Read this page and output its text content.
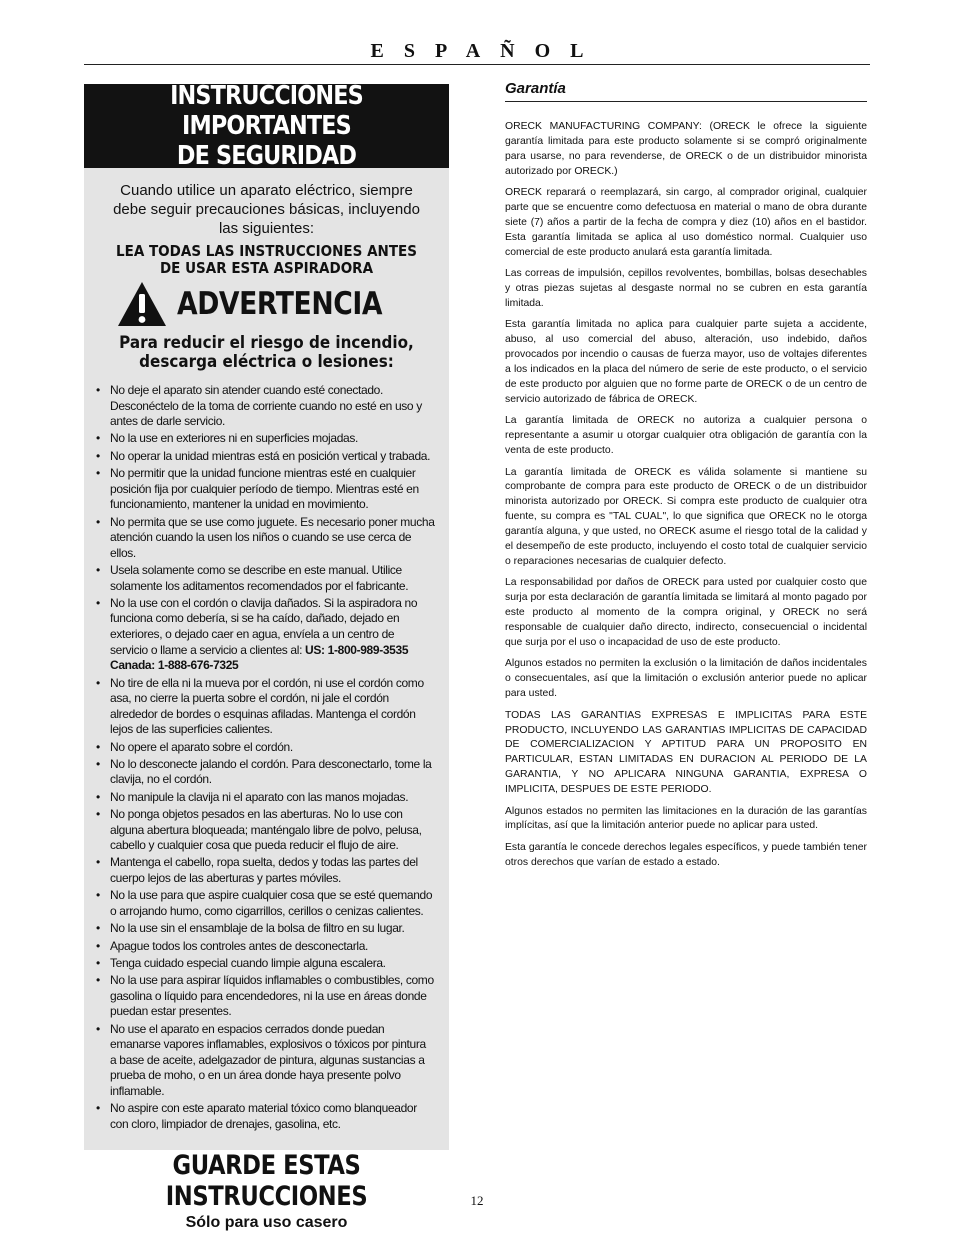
ESPAÑOL
INSTRUCCIONES IMPORTANTES
DE SEGURIDAD
Cuando utilice un aparato eléctrico, siempre debe seguir precauciones básicas, incluyendo las siguientes:
LEA TODAS LAS INSTRUCCIONES ANTES
DE USAR ESTA ASPIRADORA
ADVERTENCIA
Para reducir el riesgo de incendio,
descarga eléctrica o lesiones:
• No deje el aparato sin atender cuando esté conectado. Desconéctelo de la toma de corriente cuando no esté en uso y antes de darle servicio.
• No la use en exteriores ni en superficies mojadas.
• No operar la unidad mientras está en posición vertical y trabada.
• No permitir que la unidad funcione mientras esté en cualquier posición fija por cualquier período de tiempo. Mientras esté en funcionamiento, mantener la unidad en movimiento.
• No permita que se use como juguete. Es necesario poner mucha atención cuando la usen los niños o cuando se use cerca de ellos.
• Usela solamente como se describe en este manual. Utilice solamente los aditamentos recomendados por el fabricante.
• No la use con el cordón o clavija dañados. Si la aspiradora no funciona como debería, si se ha caído, dañado, dejado en exteriores, o dejado caer en agua, envíela a un centro de servicio o llame a servicio a clientes al: US: 1-800-989-3535
Canada: 1-888-676-7325
• No tire de ella ni la mueva por el cordón, ni use el cordón como asa, no cierre la puerta sobre el cordón, ni jale el cordón alrededor de bordes o esquinas afiladas. Mantenga el cordón lejos de las superficies calientes.
• No opere el aparato sobre el cordón.
• No lo desconecte jalando el cordón. Para desconectarlo, tome la clavija, no el cordón.
• No manipule la clavija ni el aparato con las manos mojadas.
• No ponga objetos pesados en las aberturas. No lo use con alguna abertura bloqueada; manténgalo libre de polvo, pelusa, cabello y cualquier cosa que pueda reducir el flujo de aire.
• Mantenga el cabello, ropa suelta, dedos y todas las partes del cuerpo lejos de las aberturas y partes móviles.
• No la use para que aspire cualquier cosa que se esté quemando o arrojando humo, como cigarrillos, cerillos o cenizas calientes.
• No la use sin el ensamblaje de la bolsa de filtro en su lugar.
• Apague todos los controles antes de desconectarla.
• Tenga cuidado especial cuando limpie alguna escalera.
• No la use para aspirar líquidos inflamables o combustibles, como gasolina o líquido para encendedores, ni la use en áreas donde puedan estar presentes.
• No use el aparato en espacios cerrados donde puedan emanarse vapores inflamables, explosivos o tóxicos por pintura a base de aceite, adelgazador de pintura, algunas sustancias a prueba de moho, o en un área donde haya presente polvo inflamable.
• No aspire con este aparato material tóxico como blanqueador con cloro, limpiador de drenajes, gasolina, etc.
GUARDE ESTAS INSTRUCCIONES
Sólo para uso casero
Garantía

ORECK MANUFACTURING COMPANY: (ORECK le ofrece la siguiente garantía limitada para este producto solamente si se compró originalmente para usarse, no para revenderse, de ORECK o de un distribuidor minorista autorizado por ORECK.)

ORECK reparará o reemplazará, sin cargo, al comprador original, cualquier parte que se encuentre como defectuosa en material o mano de obra durante siete (7) años a partir de la fecha de compra y diez (10) años en el bastidor. Esta garantía limitada se aplica al uso doméstico normal. Cualquier uso comercial de este producto anulará esta garantía limitada.

Las correas de impulsión, cepillos revolventes, bombillas, bolsas desechables y otras piezas sujetas al desgaste normal no se cubren en esta garantía limitada.

Esta garantía limitada no aplica para cualquier parte sujeta a accidente, abuso, al uso comercial del abuso, alteración, uso indebido, daños provocados por incendio o causas de fuerza mayor, uso de voltajes diferentes a los indicados en la placa del número de serie de este producto, o el servicio de este producto por alguien que no forme parte de ORECK o de un centro de servicio autorizado de fábrica de ORECK.

La garantía limitada de ORECK no autoriza a cualquier persona o representante a asumir u otorgar cualquier otra obligación de garantía con la venta de este producto.

La garantía limitada de ORECK es válida solamente si mantiene su comprobante de compra para este producto de ORECK o de un distribuidor minorista autorizado por ORECK. Si compra este producto de cualquier otra fuente, su compra es "TAL CUAL", lo que significa que ORECK no le otorga garantía alguna, y que usted, no ORECK asume el riesgo total de la calidad y el desempeño de este producto, incluyendo el costo total de cualquier servicio o reparaciones necesarias de cualquier defecto.

La responsabilidad por daños de ORECK para usted por cualquier costo que surja por esta declaración de garantía limitada se limitará al monto pagado por este producto al momento de la compra original, y ORECK no será responsable de cualquier daño directo, indirecto, consecuencial o incidental que surja por el uso o incapacidad de uso de este producto.

Algunos estados no permiten la exclusión o la limitación de daños incidentales o consecuentales, así que la limitación o exclusión anterior puede no aplicar para usted.

TODAS LAS GARANTIAS EXPRESAS E IMPLICITAS PARA ESTE PRODUCTO, INCLUYENDO LAS GARANTIAS IMPLICITAS DE CAPACIDAD DE COMERCIALIZACION Y APTITUD PARA UN PROPOSITO EN PARTICULAR, ESTAN LIMITADAS EN DURACION AL PERIODO DE LA GARANTIA, Y NO APLICARA NINGUNA GARANTIA, EXPRESA O IMPLICITA, DESPUES DE ESTE PERIODO.

Algunos estados no permiten las limitaciones en la duración de las garantías implícitas, así que la limitación anterior puede no aplicar para usted.

Esta garantía le concede derechos legales específicos, y puede también tener otros derechos que varían de estado a estado.

12
